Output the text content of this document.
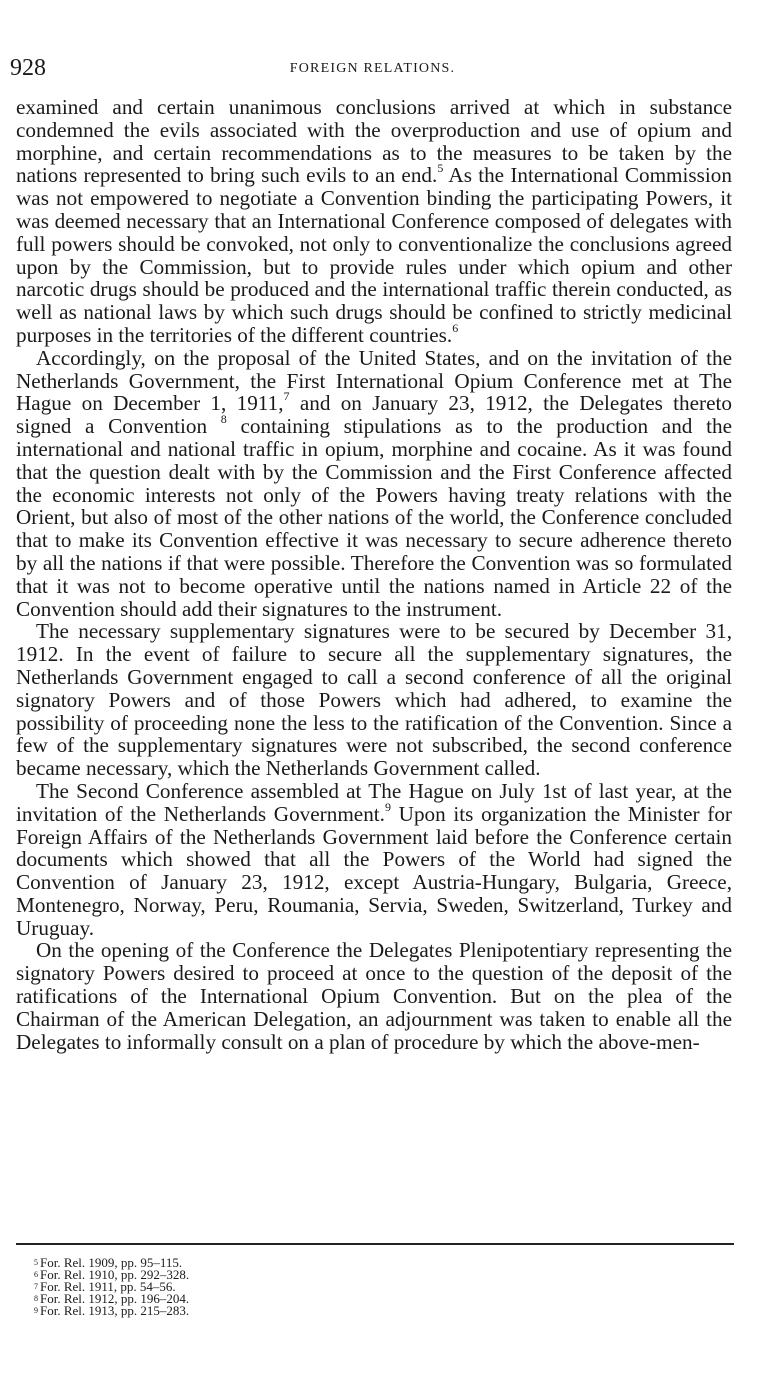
928	FOREIGN RELATIONS.

examined and certain unanimous conclusions arrived at which in substance condemned the evils associated with the overproduction and use of opium and morphine, and certain recommendations as to the measures to be taken by the nations represented to bring such evils to an end.$^5$ As the International Commission was not empowered to negotiate a Convention binding the participating Powers, it was deemed necessary that an International Conference composed of delegates with full powers should be convoked, not only to conventionalize the conclusions agreed upon by the Commission, but to provide rules under which opium and other narcotic drugs should be produced and the international traffic therein conducted, as well as national laws by which such drugs should be confined to strictly medicinal purposes in the territories of the different countries.$^6$

Accordingly, on the proposal of the United States, and on the invitation of the Netherlands Government, the First International Opium Conference met at The Hague on December 1, 1911,$^7$ and on January 23, 1912, the Delegates thereto signed a Convention $^8$ containing stipulations as to the production and the international and national traffic in opium, morphine and cocaine. As it was found that the question dealt with by the Commission and the First Conference affected the economic interests not only of the Powers having treaty relations with the Orient, but also of most of the other nations of the world, the Conference concluded that to make its Convention effective it was necessary to secure adherence thereto by all the nations if that were possible. Therefore the Convention was so formulated that it was not to become operative until the nations named in Article 22 of the Convention should add their signatures to the instrument.

The necessary supplementary signatures were to be secured by December 31, 1912. In the event of failure to secure all the supplementary signatures, the Netherlands Government engaged to call a second conference of all the original signatory Powers and of those Powers which had adhered, to examine the possibility of proceeding none the less to the ratification of the Convention. Since a few of the supplementary signatures were not subscribed, the second conference became necessary, which the Netherlands Government called.

The Second Conference assembled at The Hague on July 1st of last year, at the invitation of the Netherlands Government.$^9$ Upon its organization the Minister for Foreign Affairs of the Netherlands Government laid before the Conference certain documents which showed that all the Powers of the World had signed the Convention of January 23, 1912, except Austria-Hungary, Bulgaria, Greece, Montenegro, Norway, Peru, Roumania, Servia, Sweden, Switzerland, Turkey and Uruguay.

On the opening of the Conference the Delegates Plenipotentiary representing the signatory Powers desired to proceed at once to the question of the deposit of the ratifications of the International Opium Convention. But on the plea of the Chairman of the American Delegation, an adjournment was taken to enable all the Delegates to informally consult on a plan of procedure by which the above-men-

$^5$ For. Rel. 1909, pp. 95–115.
$^6$ For. Rel. 1910, pp. 292–328.
$^7$ For. Rel. 1911, pp. 54–56.
$^8$ For. Rel. 1912, pp. 196–204.
$^9$ For. Rel. 1913, pp. 215–283.
